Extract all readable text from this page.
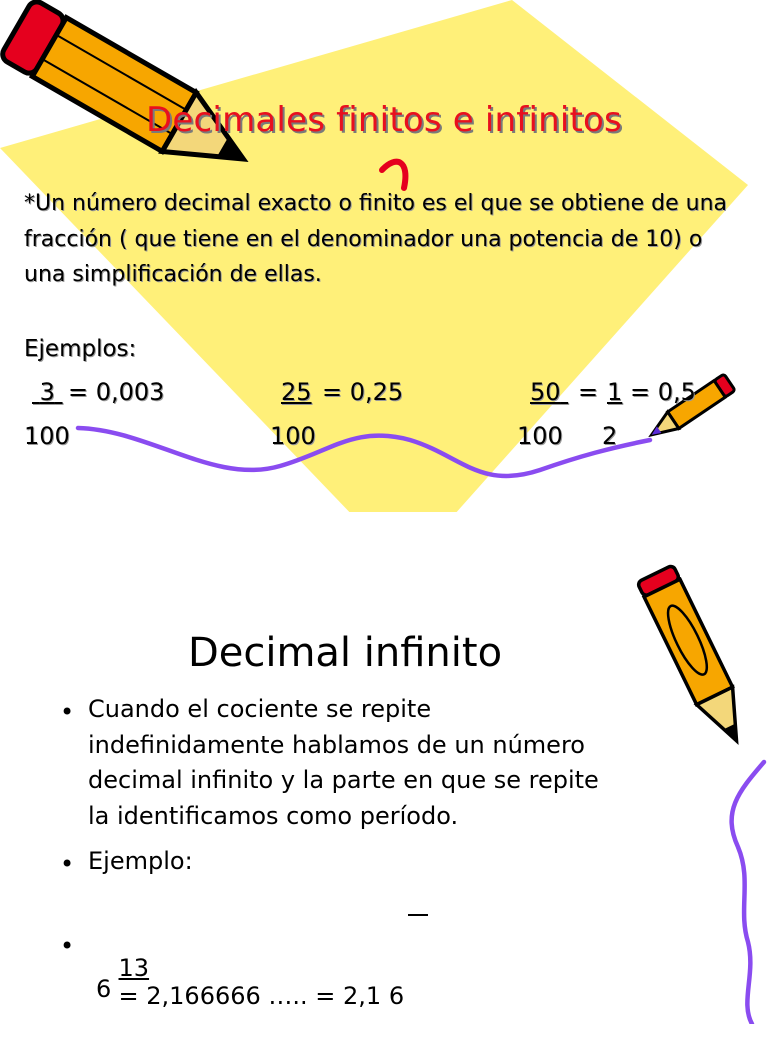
Decimales finitos e infinitos

*Un número decimal exacto o finito es el que se obtiene de una fracción ( que tiene en el denominador una potencia de 10) o una simplificación de ellas.

Ejemplos:

3 = 0,003
100
25 = 0,25
100
50 = 1 = 0,5
100 2
Decimal infinito
• Cuando el cociente se repite
indefinidamente hablamos de un número
decimal infinito y la parte en que se repite
la identificamos como período.
• Ejemplo:
•

13
= 2,166666 ….. = 2,1 6

6
